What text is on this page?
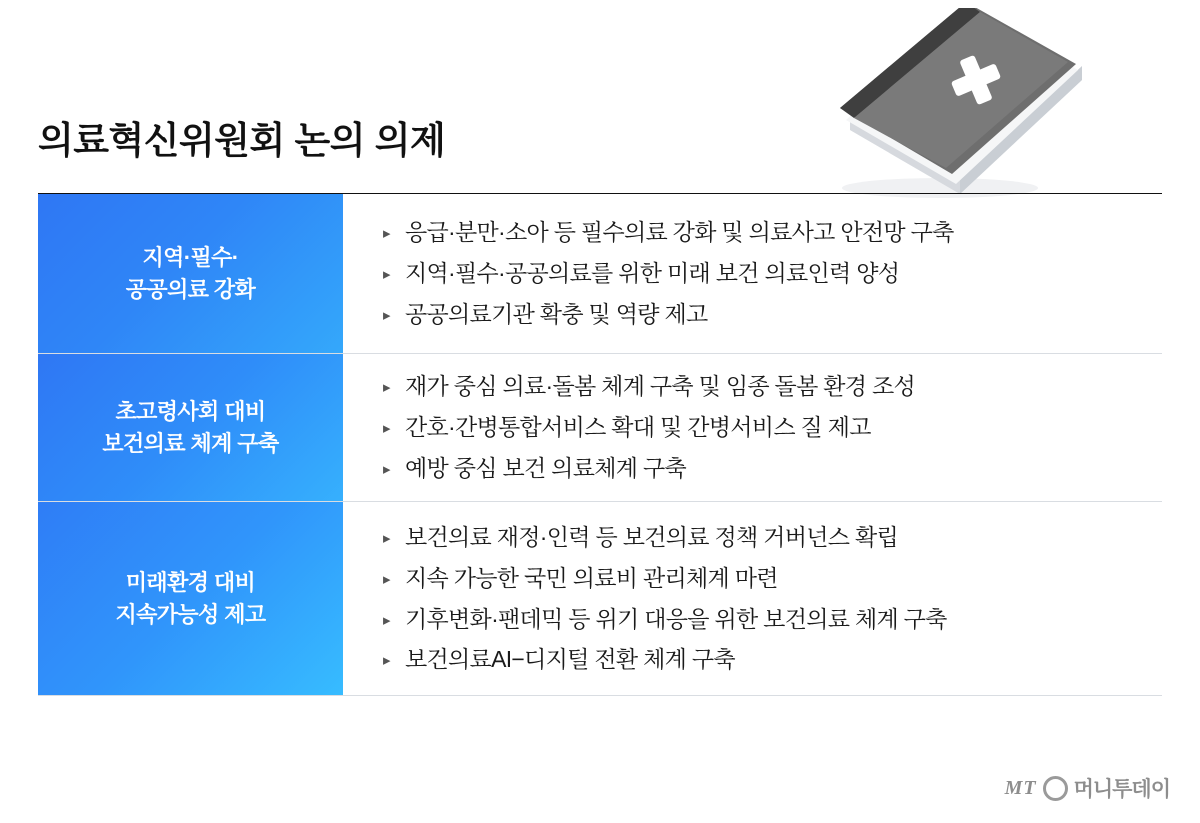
의료혁신위원회 논의 의제
지역·필수·
공공의료 강화
▸ 응급·분만·소아 등 필수의료 강화 및 의료사고 안전망 구축
▸ 지역·필수·공공의료를 위한 미래 보건 의료인력 양성
▸ 공공의료기관 확충 및 역량 제고
초고령사회 대비
보건의료 체계 구축
▸ 재가 중심 의료·돌봄 체계 구축 및 임종 돌봄 환경 조성
▸ 간호·간병통합서비스 확대 및 간병서비스 질 제고
▸ 예방 중심 보건 의료체계 구축
미래환경 대비
지속가능성 제고
▸ 보건의료 재정·인력 등 보건의료 정책 거버넌스 확립
▸ 지속 가능한 국민 의료비 관리체계 마련
▸ 기후변화·팬데믹 등 위기 대응을 위한 보건의료 체계 구축
▸ 보건의료AI−디지털 전환 체계 구축
MT 머니투데이
